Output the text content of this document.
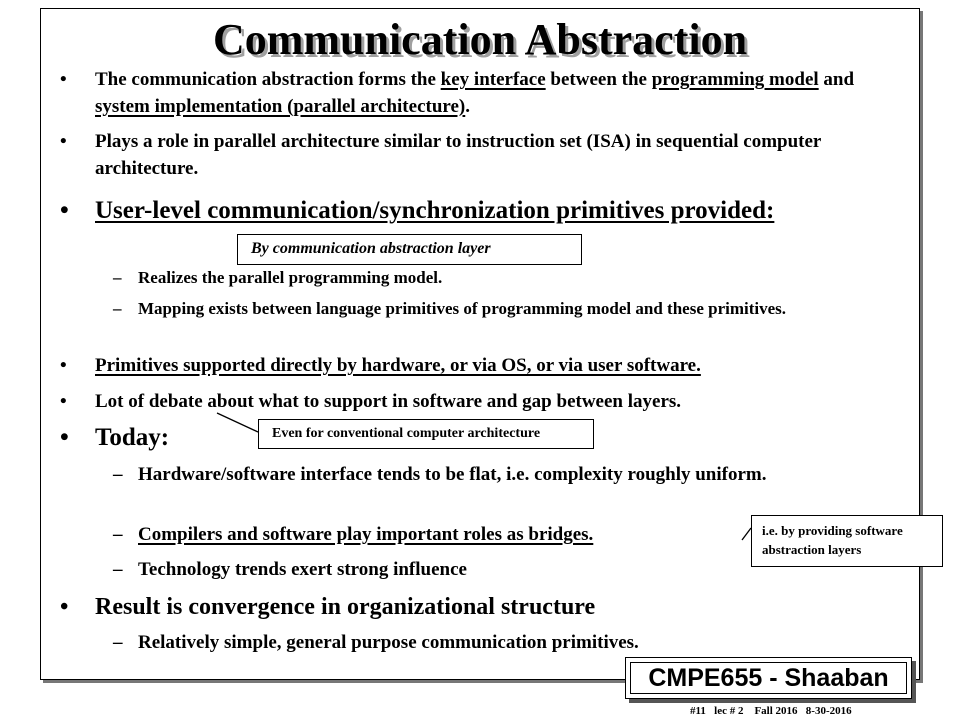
Communication Abstraction
• The communication abstraction forms the key interface between the programming model and system implementation (parallel architecture).
• Plays a role in parallel architecture similar to instruction set (ISA) in sequential computer architecture.
• User-level communication/synchronization primitives provided:
By communication abstraction layer
– Realizes the parallel programming model.
– Mapping exists between language primitives of programming model and these primitives.
• Primitives supported directly by hardware, or via OS, or via user software.
• Lot of debate about what to support in software and gap between layers.
Even for conventional computer architecture
• Today:
– Hardware/software interface tends to be flat, i.e. complexity roughly uniform.
– Compilers and software play important roles as bridges.	i.e. by providing software abstraction layers
– Technology trends exert strong influence
• Result is convergence in organizational structure
– Relatively simple, general purpose communication primitives.
CMPE655 - Shaaban
#11   lec # 2    Fall 2016   8-30-2016
